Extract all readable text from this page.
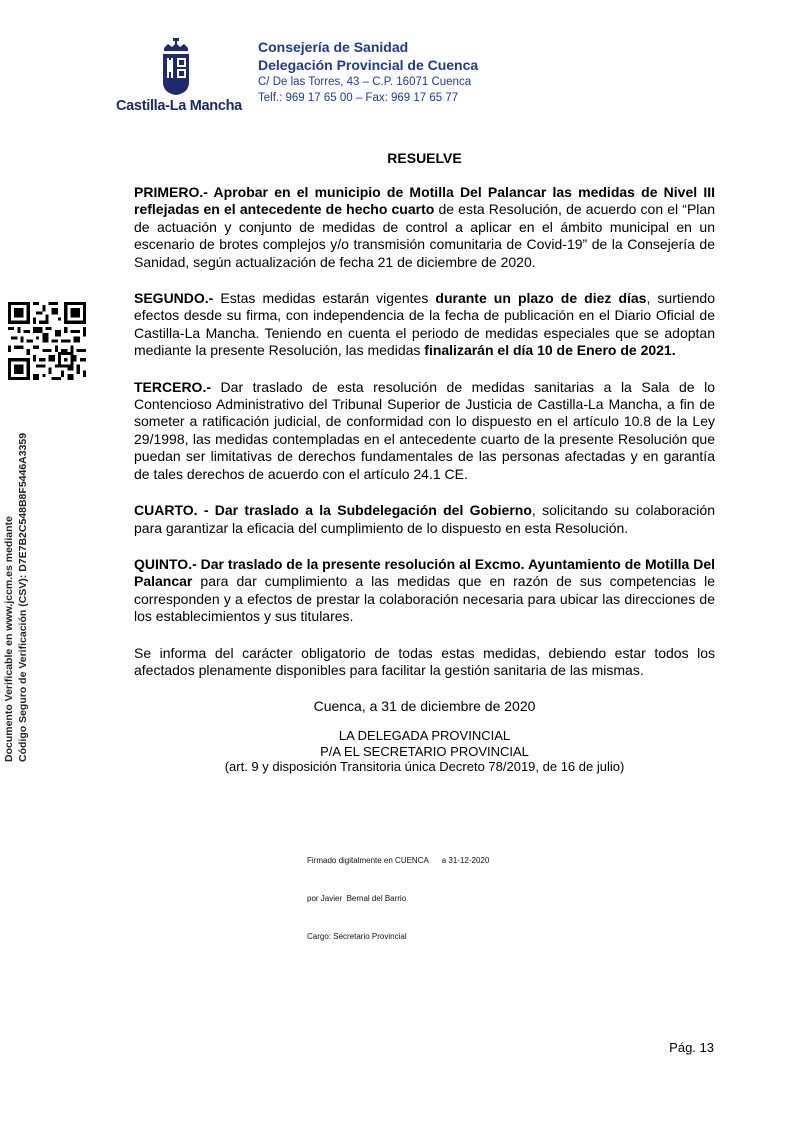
Castilla-La Mancha
Consejería de Sanidad
Delegación Provincial de Cuenca
C/ De las Torres, 43 – C.P. 16071 Cuenca
Telf.: 969 17 65 00 – Fax: 969 17 65 77
Documento Verificable en www.jccm.es mediante Código Seguro de Verificación (CSV): D7E7B2C548B8F5446A3359
RESUELVE

PRIMERO.- Aprobar en el municipio de Motilla Del Palancar las medidas de Nivel III reflejadas en el antecedente de hecho cuarto de esta Resolución, de acuerdo con el “Plan de actuación y conjunto de medidas de control a aplicar en el ámbito municipal en un escenario de brotes complejos y/o transmisión comunitaria de Covid-19” de la Consejería de Sanidad, según actualización de fecha 21 de diciembre de 2020.

SEGUNDO.- Estas medidas estarán vigentes durante un plazo de diez días, surtiendo efectos desde su firma, con independencia de la fecha de publicación en el Diario Oficial de Castilla-La Mancha. Teniendo en cuenta el periodo de medidas especiales que se adoptan mediante la presente Resolución, las medidas finalizarán el día 10 de Enero de 2021.

TERCERO.- Dar traslado de esta resolución de medidas sanitarias a la Sala de lo Contencioso Administrativo del Tribunal Superior de Justicia de Castilla-La Mancha, a fin de someter a ratificación judicial, de conformidad con lo dispuesto en el artículo 10.8 de la Ley 29/1998, las medidas contempladas en el antecedente cuarto de la presente Resolución que puedan ser limitativas de derechos fundamentales de las personas afectadas y en garantía de tales derechos de acuerdo con el artículo 24.1 CE.

CUARTO. - Dar traslado a la Subdelegación del Gobierno, solicitando su colaboración para garantizar la eficacia del cumplimiento de lo dispuesto en esta Resolución.

QUINTO.- Dar traslado de la presente resolución al Excmo. Ayuntamiento de Motilla Del Palancar para dar cumplimiento a las medidas que en razón de sus competencias le corresponden y a efectos de prestar la colaboración necesaria para ubicar las direcciones de los establecimientos y sus titulares.

Se informa del carácter obligatorio de todas estas medidas, debiendo estar todos los afectados plenamente disponibles para facilitar la gestión sanitaria de las mismas.

Cuenca, a 31 de diciembre de 2020
LA DELEGADA PROVINCIAL
P/A EL SECRETARIO PROVINCIAL
(art. 9 y disposición Transitoria única Decreto 78/2019, de 16 de julio)

Firmado digitalmente en CUENCA      a 31-12-2020

por Javier  Bernal del Barrio

Cargo: Secretario Provincial

Pág. 13
